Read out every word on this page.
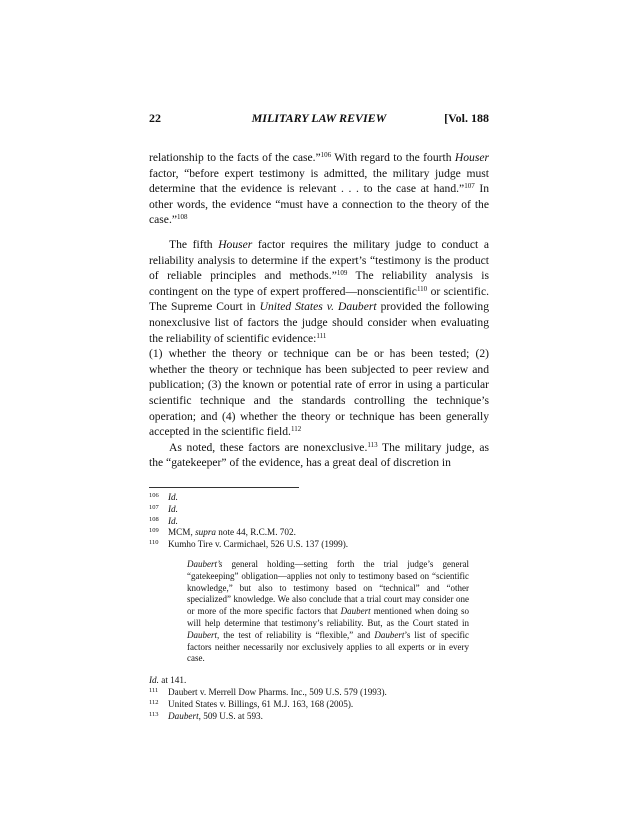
22	MILITARY LAW REVIEW	[Vol. 188

relationship to the facts of the case.”$^{106}$ With regard to the fourth Houser factor, “before expert testimony is admitted, the military judge must determine that the evidence is relevant . . . to the case at hand.”$^{107}$ In other words, the evidence “must have a connection to the theory of the case.”$^{108}$

The fifth Houser factor requires the military judge to conduct a reliability analysis to determine if the expert’s “testimony is the product of reliable principles and methods.”$^{109}$ The reliability analysis is contingent on the type of expert proffered—nonscientific$^{110}$ or scientific. The Supreme Court in United States v. Daubert provided the following nonexclusive list of factors the judge should consider when evaluating the reliability of scientific evidence:$^{111}$

(1) whether the theory or technique can be or has been tested; (2) whether the theory or technique has been subjected to peer review and publication; (3) the known or potential rate of error in using a particular scientific technique and the standards controlling the technique’s operation; and (4) whether the theory or technique has been generally accepted in the scientific field.$^{112}$

As noted, these factors are nonexclusive.$^{113}$ The military judge, as the “gatekeeper” of the evidence, has a great deal of discretion in

106 Id.
107 Id.
108 Id.
109 MCM, supra note 44, R.C.M. 702.
110 Kumho Tire v. Carmichael, 526 U.S. 137 (1999).
Daubert’s general holding—setting forth the trial judge’s general “gatekeeping” obligation—applies not only to testimony based on “scientific knowledge,” but also to testimony based on “technical” and “other specialized” knowledge. We also conclude that a trial court may consider one or more of the more specific factors that Daubert mentioned when doing so will help determine that testimony’s reliability. But, as the Court stated in Daubert, the test of reliability is “flexible,” and Daubert’s list of specific factors neither necessarily nor exclusively applies to all experts or in every case.
Id. at 141.
111 Daubert v. Merrell Dow Pharms. Inc., 509 U.S. 579 (1993).
112 United States v. Billings, 61 M.J. 163, 168 (2005).
113 Daubert, 509 U.S. at 593.
